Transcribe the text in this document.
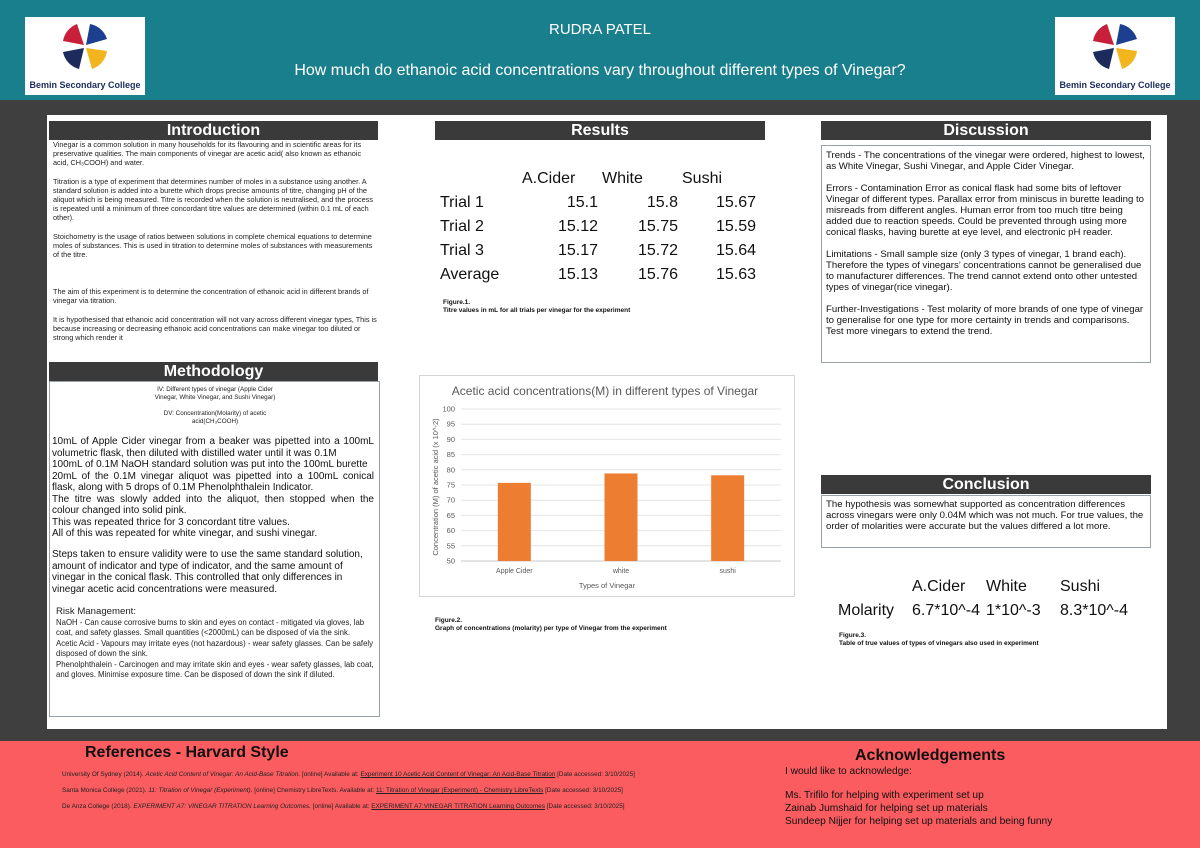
Bemin Secondary College
RUDRA PATEL
How much do ethanoic acid concentrations vary throughout different types of Vinegar?
Bemin Secondary College
Introduction

Vinegar is a common solution in many households for its flavouring and in scientific areas for its preservative qualities. The main components of vinegar are acetic acid( also known as ethanoic acid, CH₃COOH) and water.

Titration is a type of experiment that determines number of moles in a substance using another. A standard solution is added into a burette which drops precise amounts of titre, changing pH of the aliquot which is being measured. Titre is recorded when the solution is neutralised, and the process is repeated until a minimum of three concordant titre values are determined (within 0.1 mL of each other).

Stoichometry is the usage of ratios between solutions in complete chemical equations to determine moles of substances. This is used in titration to determine moles of substances with measurements of the titre.

The aim of this experiment is to determine the concentration of ethanoic acid in different brands of vinegar via titration.

It is hypothesised that ethanoic acid concentration will not vary across different vinegar types, This is because increasing or decreasing ethanoic acid concentrations can make vinegar too diluted or strong which render it

Methodology
IV: Different types of vinegar (Apple Cider Vinegar, White Vinegar, and Sushi Vinegar)
DV: Concentration(Molarity) of acetic acid(CH₃COOH)
10mL of Apple Cider vinegar from a beaker was pipetted into a 100mL volumetric flask, then diluted with distilled water until it was 0.1M
100mL of 0.1M NaOH standard solution was put into the 100mL burette
20mL of the 0.1M vinegar aliquot was pipetted into a 100mL conical flask, along with 5 drops of 0.1M Phenolphthalein Indicator.
The titre was slowly added into the aliquot, then stopped when the colour changed into solid pink.
This was repeated thrice for 3 concordant titre values.
All of this was repeated for white vinegar, and sushi vinegar.
Steps taken to ensure validity were to use the same standard solution, amount of indicator and type of indicator, and the same amount of vinegar in the conical flask. This controlled that only differences in vinegar acetic acid concentrations were measured.
Risk Management:
NaOH - Can cause corrosive burns to skin and eyes on contact - mitigated via gloves, lab coat, and safety glasses. Small quantities (<2000mL) can be disposed of via the sink.
Acetic Acid - Vapours may irritate eyes (not hazardous) - wear safety glasses. Can be safely disposed of down the sink.
Phenolphthalein - Carcinogen and may irritate skin and eyes - wear safety glasses, lab coat, and gloves. Minimise exposure time. Can be disposed of down the sink if diluted.
Results
	A.Cider	White	Sushi
Trial 1	15.1	15.8	15.67
Trial 2	15.12	15.75	15.59
Trial 3	15.17	15.72	15.64
Average	15.13	15.76	15.63
Figure.1.
Titre values in mL for all trials per vinegar for the experiment
Acetic acid concentrations(M) in different types of Vinegar
Types of Vinegar
Concentration (M) of acetic acid (x 10^-2)
50
55
60
65
70
75
80
85
90
95
100
Apple Cider	white	sushi
Figure.2.
Graph of concentrations (molarity) per type of Vinegar from the experiment
Discussion

Trends - The concentrations of the vinegar were ordered, highest to lowest, as White Vinegar, Sushi Vinegar, and Apple Cider Vinegar.

Errors - Contamination Error as conical flask had some bits of leftover Vinegar of different types. Parallax error from miniscus in burette leading to misreads from different angles. Human error from too much titre being added due to reaction speeds. Could be prevented through using more conical flasks, having burette at eye level, and electronic pH reader.

Limitations - Small sample size (only 3 types of vinegar, 1 brand each). Therefore the types of vinegars’ concentrations cannot be generalised due to manufacturer differences. The trend cannot extend onto other untested types of vinegar(rice vinegar).

Further-Investigations - Test molarity of more brands of one type of vinegar to generalise for one type for more certainty in trends and comparisons. Test more vinegars to extend the trend.

Conclusion
The hypothesis was somewhat supported as concentration differences across vinegars were only 0.04M which was not much. For true values, the order of molarities were accurate but the values differed a lot more.
	A.Cider	White	Sushi
Molarity	6.7*10^-4	1*10^-3	8.3*10^-4
Figure.3.
Table of true values of types of vinegars also used in experiment
References - Harvard Style
University Of Sydney (2014). Acetic Acid Content of Vinegar: An Acid-Base Titration. [online] Available at: Experiment 10 Acetic Acid Content of Vinegar: An Acid-Base Titration [Date accessed: 3/10/2025]
Santa Monica College (2021). 11: Titration of Vinegar (Experiment). [online] Chemistry LibreTexts. Available at: 11: Titration of Vinegar (Experiment) - Chemistry LibreTexts [Date accessed: 3/10/2025]
De Anza College (2018). EXPERIMENT A7: VINEGAR TITRATION Learning Outcomes. [online] Available at: EXPERIMENT A7:VINEGAR TITRATION Learning Outcomes [Date accessed: 3/10/2025]
Acknowledgements
I would like to acknowledge:
Ms. Trifilo for helping with experiment set up
Zainab Jumshaid for helping set up materials
Sundeep Nijjer for helping set up materials and being funny
